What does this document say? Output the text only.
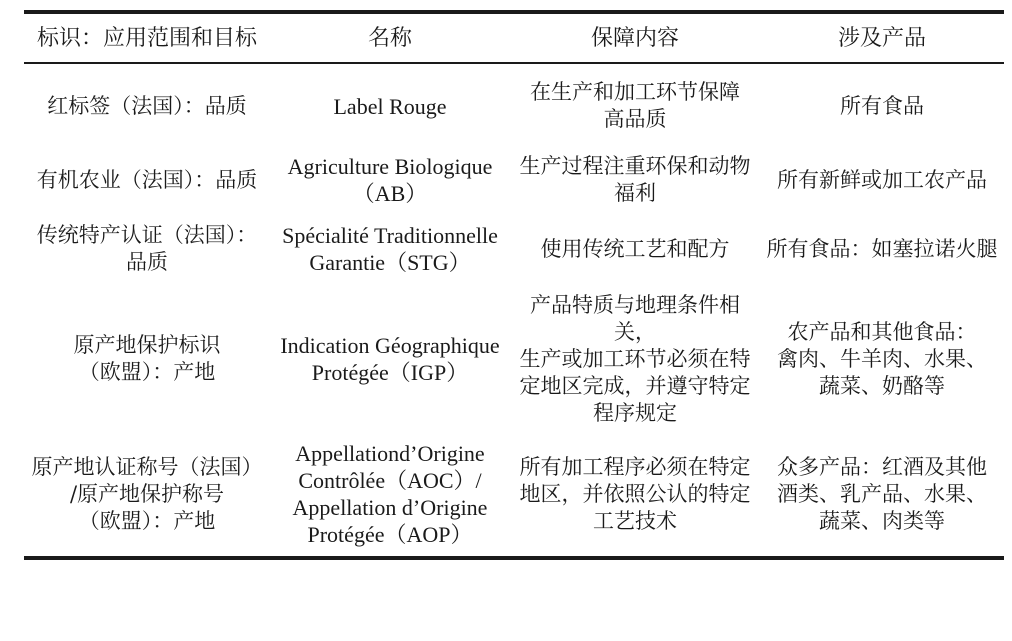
标识：应用范围和目标	名称	保障内容	涉及产品
红标签（法国）：品质	Label Rouge	在生产和加工环节保障
高品质	所有食品

有机农业（法国）：品质	Agriculture Biologique
（AB）	生产过程注重环保和动物
福利	所有新鲜或加工农产品

传统特产认证（法国）：
品质	Spécialité Traditionnelle
Garantie（STG）	使用传统工艺和配方	所有食品：如塞拉诺火腿

原产地保护标识
（欧盟）：产地	Indication Géographique
Protégée（IGP）	产品特质与地理条件相关，
生产或加工环节必须在特
定地区完成，并遵守特定
程序规定	农产品和其他食品：
禽肉、牛羊肉、水果、
蔬菜、奶酪等

原产地认证称号（法国）
/原产地保护称号
（欧盟）：产地	Appellationd’Origine
Contrôlée（AOC）/
Appellation d’Origine
Protégée（AOP）	所有加工程序必须在特定
地区，并依照公认的特定
工艺技术	众多产品：红酒及其他
酒类、乳产品、水果、
蔬菜、肉类等
